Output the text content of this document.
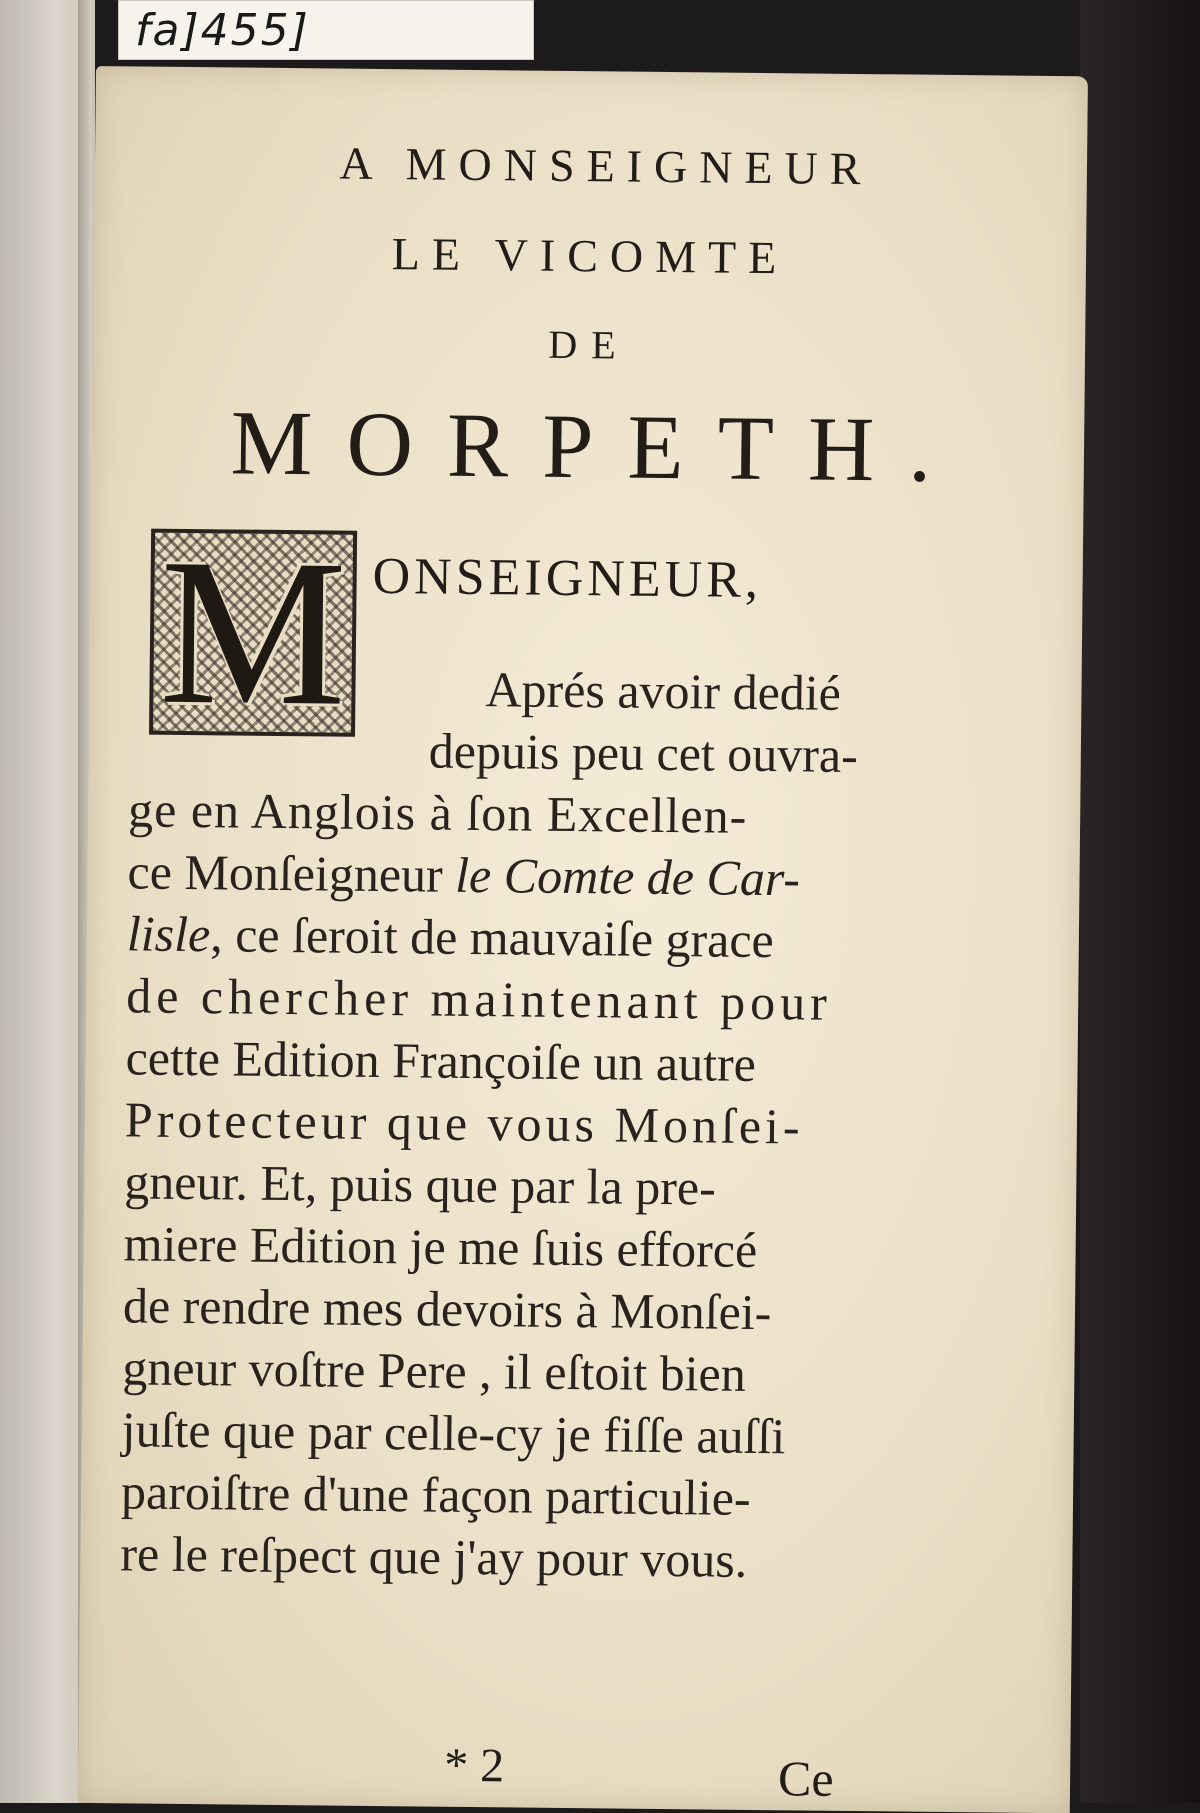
fa]455]
A MONSEIGNEUR
LE VICOMTE
DE
MORPETH.
M ONSEIGNEUR,
Aprés avoir dedié
depuis peu cet ouvra-
ge en Anglois à ſon Excellen-
ce Monſeigneur le Comte de Car-
lisle, ce ſeroit de mauvaiſe grace
de chercher maintenant pour
cette Edition Françoiſe un autre
Protecteur que vous Monſei-
gneur. Et, puis que par la pre-
miere Edition je me ſuis efforcé
de rendre mes devoirs à Monſei-
gneur voſtre Pere , il eſtoit bien
juſte que par celle-cy je fiſſe auſſi
paroiſtre d'une façon particulie-
re le reſpect que j'ay pour vous.
* 2	Ce
